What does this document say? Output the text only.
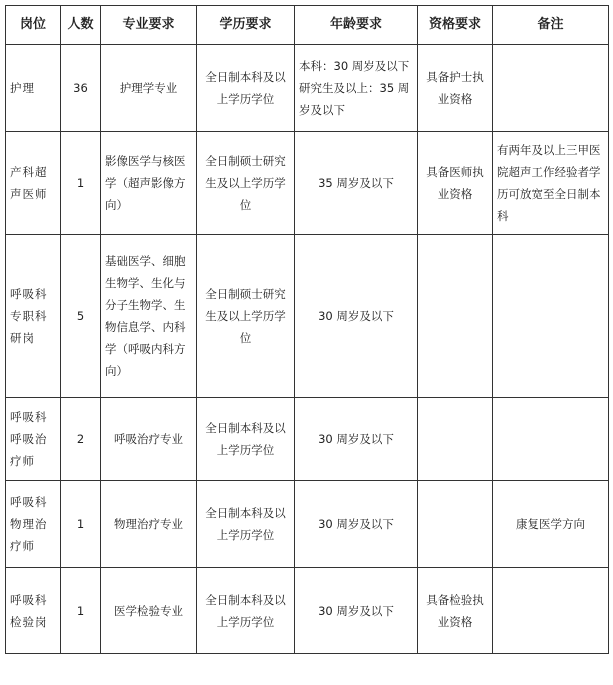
岗位	人数	专业要求	学历要求	年龄要求	资格要求	备注
护理	36	护理学专业	全日制本科及以上学历学位	本科：30 周岁及以下研究生及以上：35 周岁及以下	具备护士执业资格	
产科超声医师	1	影像医学与核医学（超声影像方向）	全日制硕士研究生及以上学历学位	35 周岁及以下	具备医师执业资格	有两年及以上三甲医院超声工作经验者学历可放宽至全日制本科
呼吸科专职科研岗	5	基础医学、细胞生物学、生化与分子生物学、生物信息学、内科学（呼吸内科方向）	全日制硕士研究生及以上学历学位	30 周岁及以下		
呼吸科呼吸治疗师	2	呼吸治疗专业	全日制本科及以上学历学位	30 周岁及以下		
呼吸科物理治疗师	1	物理治疗专业	全日制本科及以上学历学位	30 周岁及以下		康复医学方向
呼吸科检验岗	1	医学检验专业	全日制本科及以上学历学位	30 周岁及以下	具备检验执业资格	
